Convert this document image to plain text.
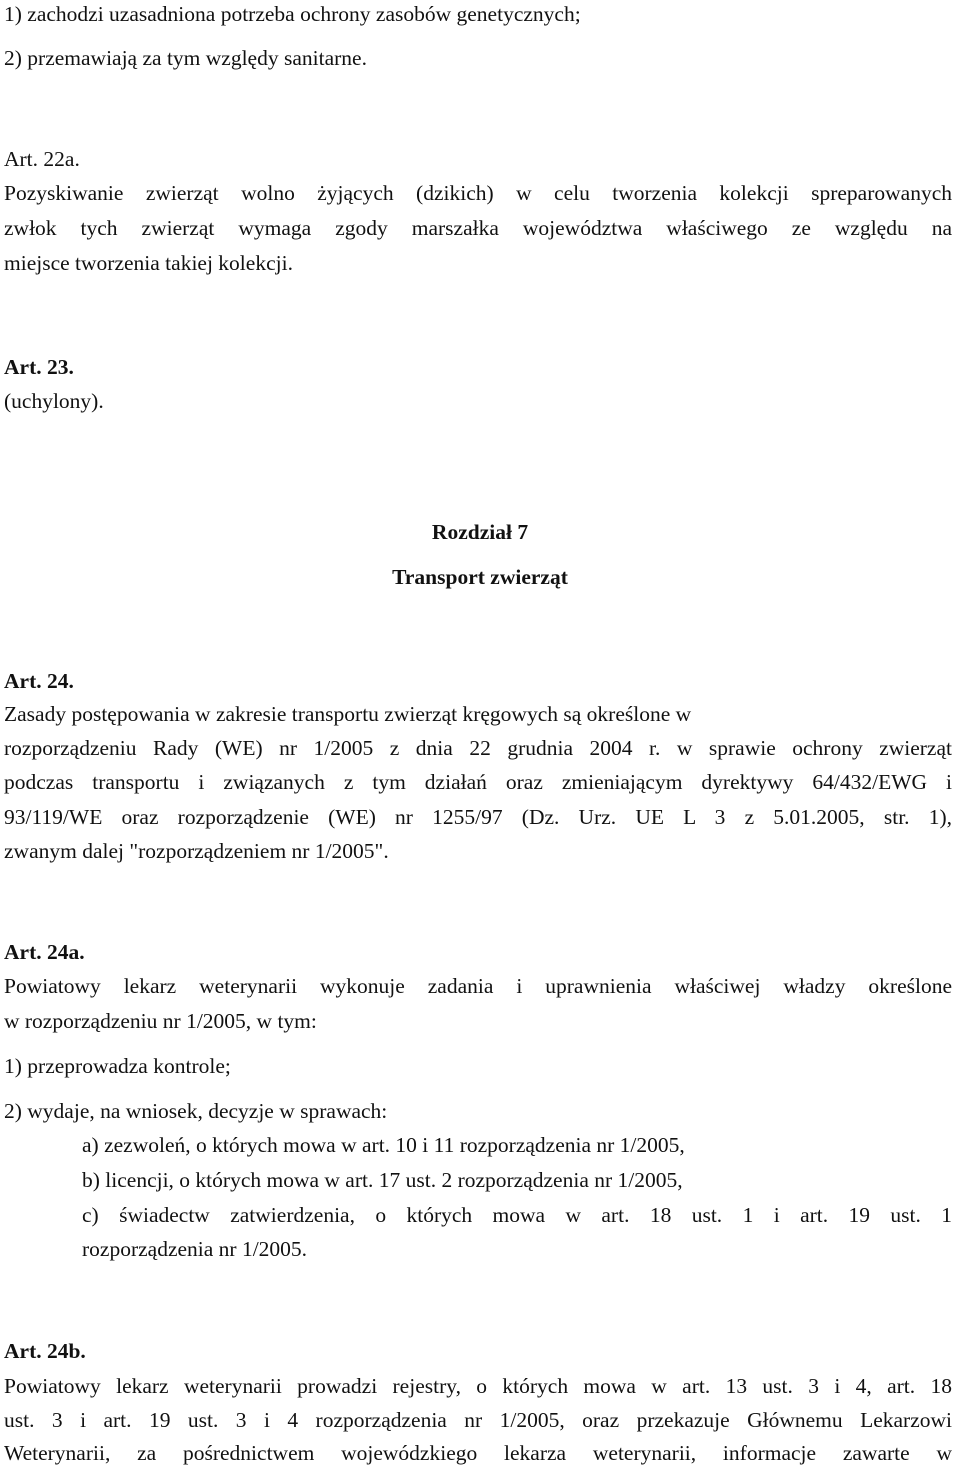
1) zachodzi uzasadniona potrzeba ochrony zasobów genetycznych;
2) przemawiają za tym względy sanitarne.
Art. 22a.
Pozyskiwanie zwierząt wolno żyjących (dzikich) w celu tworzenia kolekcji spreparowanych
zwłok tych zwierząt wymaga zgody marszałka województwa właściwego ze względu na
miejsce tworzenia takiej kolekcji.
Art. 23.
(uchylony).
Rozdział 7
Transport zwierząt
Art. 24.
Zasady postępowania w zakresie transportu zwierząt kręgowych są określone w
rozporządzeniu Rady (WE) nr 1/2005 z dnia 22 grudnia 2004 r. w sprawie ochrony zwierząt
podczas transportu i związanych z tym działań oraz zmieniającym dyrektywy 64/432/EWG i
93/119/WE oraz rozporządzenie (WE) nr 1255/97 (Dz. Urz. UE L 3 z 5.01.2005, str. 1),
zwanym dalej "rozporządzeniem nr 1/2005".
Art. 24a.
Powiatowy lekarz weterynarii wykonuje zadania i uprawnienia właściwej władzy określone
w rozporządzeniu nr 1/2005, w tym:
1) przeprowadza kontrole;
2) wydaje, na wniosek, decyzje w sprawach:
a) zezwoleń, o których mowa w art. 10 i 11 rozporządzenia nr 1/2005,
b) licencji, o których mowa w art. 17 ust. 2 rozporządzenia nr 1/2005,
c) świadectw zatwierdzenia, o których mowa w art. 18 ust. 1 i art. 19 ust. 1
rozporządzenia nr 1/2005.
Art. 24b.
Powiatowy lekarz weterynarii prowadzi rejestry, o których mowa w art. 13 ust. 3 i 4, art. 18
ust. 3 i art. 19 ust. 3 i 4 rozporządzenia nr 1/2005, oraz przekazuje Głównemu Lekarzowi
Weterynarii, za pośrednictwem wojewódzkiego lekarza weterynarii, informacje zawarte w
